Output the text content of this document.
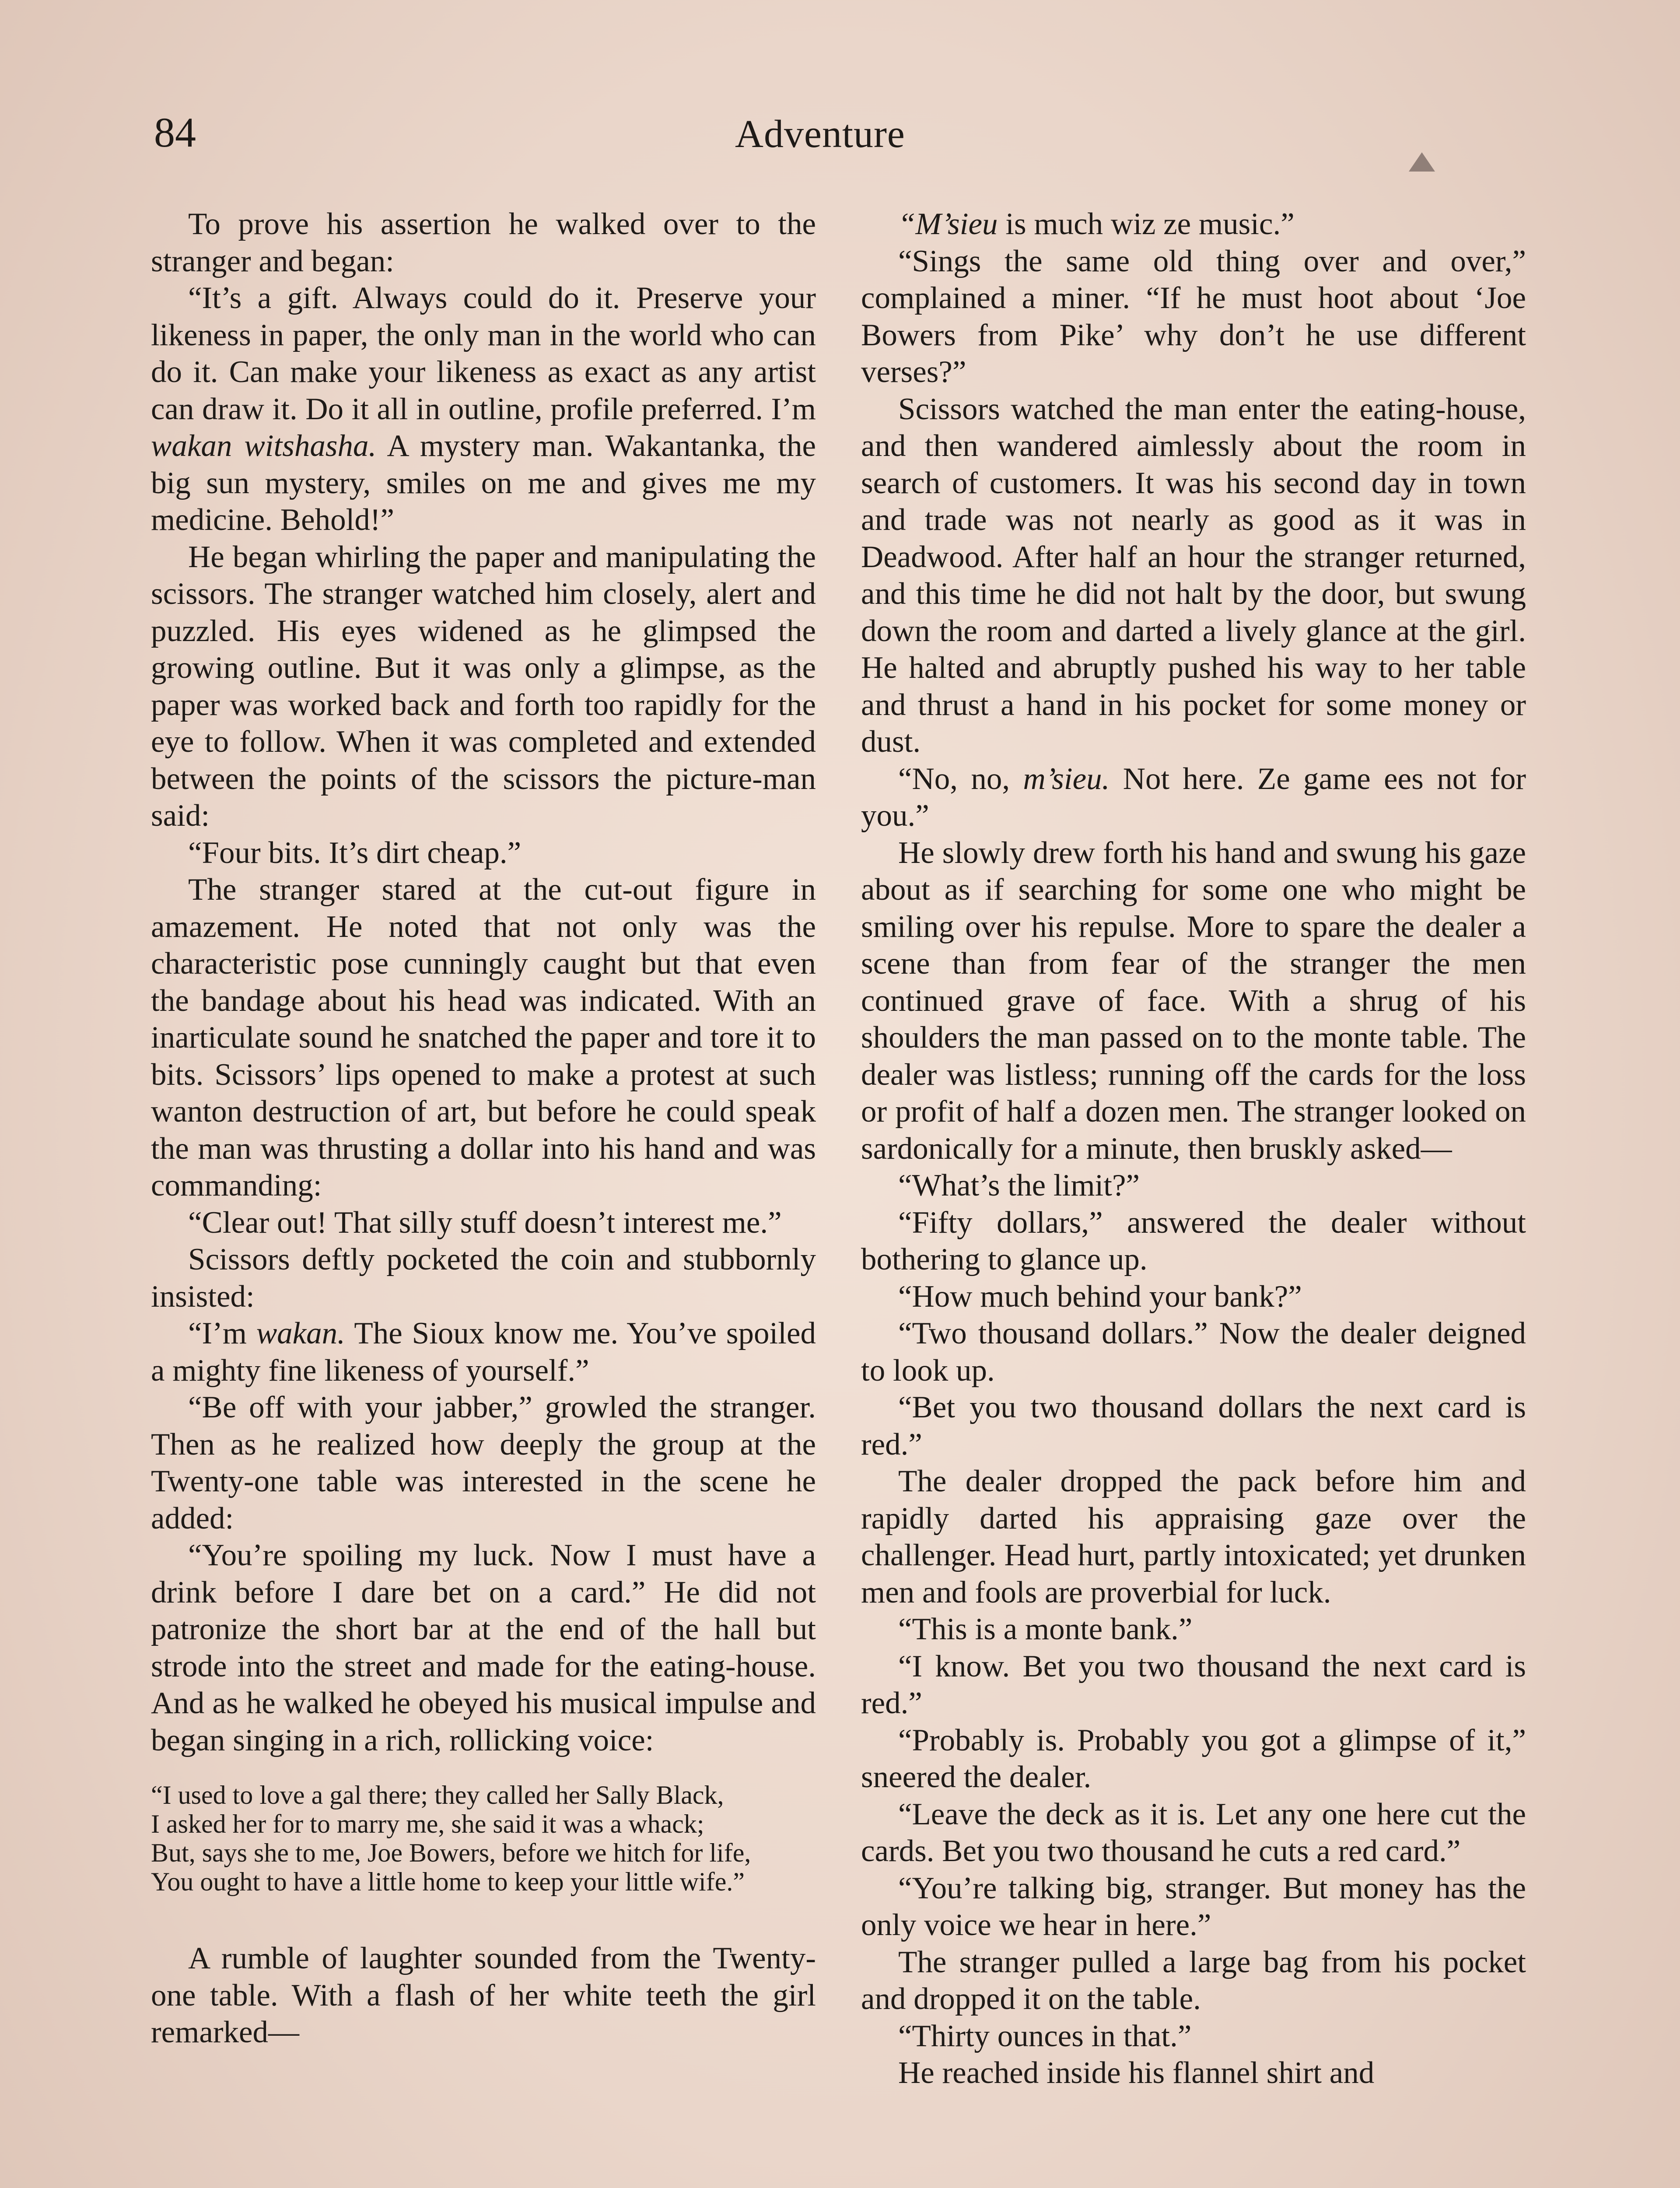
84	Adventure

To prove his assertion he walked over to the stranger and began:

“It’s a gift. Always could do it. Preserve your likeness in paper, the only man in the world who can do it. Can make your likeness as exact as any artist can draw it. Do it all in outline, profile preferred. I’m wakan witshasha. A mystery man. Wakantanka, the big sun mystery, smiles on me and gives me my medicine. Behold!”

He began whirling the paper and manipulating the scissors. The stranger watched him closely, alert and puzzled. His eyes widened as he glimpsed the growing outline. But it was only a glimpse, as the paper was worked back and forth too rapidly for the eye to follow. When it was completed and extended between the points of the scissors the picture-man said:

“Four bits. It’s dirt cheap.”

The stranger stared at the cut-out figure in amazement. He noted that not only was the characteristic pose cunningly caught but that even the bandage about his head was indicated. With an inarticulate sound he snatched the paper and tore it to bits. Scissors’ lips opened to make a protest at such wanton destruction of art, but before he could speak the man was thrusting a dollar into his hand and was commanding:

“Clear out! That silly stuff doesn’t interest me.”

Scissors deftly pocketed the coin and stubbornly insisted:

“I’m wakan. The Sioux know me. You’ve spoiled a mighty fine likeness of yourself.”

“Be off with your jabber,” growled the stranger. Then as he realized how deeply the group at the Twenty-one table was interested in the scene he added:

“You’re spoiling my luck. Now I must have a drink before I dare bet on a card.” He did not patronize the short bar at the end of the hall but strode into the street and made for the eating-house. And as he walked he obeyed his musical impulse and began singing in a rich, rollicking voice:

“I used to love a gal there; they called her Sally Black,
I asked her for to marry me, she said it was a whack;
But, says she to me, Joe Bowers, before we hitch for life,
You ought to have a little home to keep your little wife.”

A rumble of laughter sounded from the Twenty-one table. With a flash of her white teeth the girl remarked—

“M’sieu is much wiz ze music.”

“Sings the same old thing over and over,” complained a miner. “If he must hoot about ‘Joe Bowers from Pike’ why don’t he use different verses?”

Scissors watched the man enter the eating-house, and then wandered aimlessly about the room in search of customers. It was his second day in town and trade was not nearly as good as it was in Deadwood. After half an hour the stranger returned, and this time he did not halt by the door, but swung down the room and darted a lively glance at the girl. He halted and abruptly pushed his way to her table and thrust a hand in his pocket for some money or dust.

“No, no, m’sieu. Not here. Ze game ees not for you.”

He slowly drew forth his hand and swung his gaze about as if searching for some one who might be smiling over his repulse. More to spare the dealer a scene than from fear of the stranger the men continued grave of face. With a shrug of his shoulders the man passed on to the monte table. The dealer was listless; running off the cards for the loss or profit of half a dozen men. The stranger looked on sardonically for a minute, then bruskly asked—

“What’s the limit?”

“Fifty dollars,” answered the dealer without bothering to glance up.

“How much behind your bank?”

“Two thousand dollars.” Now the dealer deigned to look up.

“Bet you two thousand dollars the next card is red.”

The dealer dropped the pack before him and rapidly darted his appraising gaze over the challenger. Head hurt, partly intoxicated; yet drunken men and fools are proverbial for luck.

“This is a monte bank.”

“I know. Bet you two thousand the next card is red.”

“Probably is. Probably you got a glimpse of it,” sneered the dealer.

“Leave the deck as it is. Let any one here cut the cards. Bet you two thousand he cuts a red card.”

“You’re talking big, stranger. But money has the only voice we hear in here.”

The stranger pulled a large bag from his pocket and dropped it on the table.

“Thirty ounces in that.”

He reached inside his flannel shirt and
